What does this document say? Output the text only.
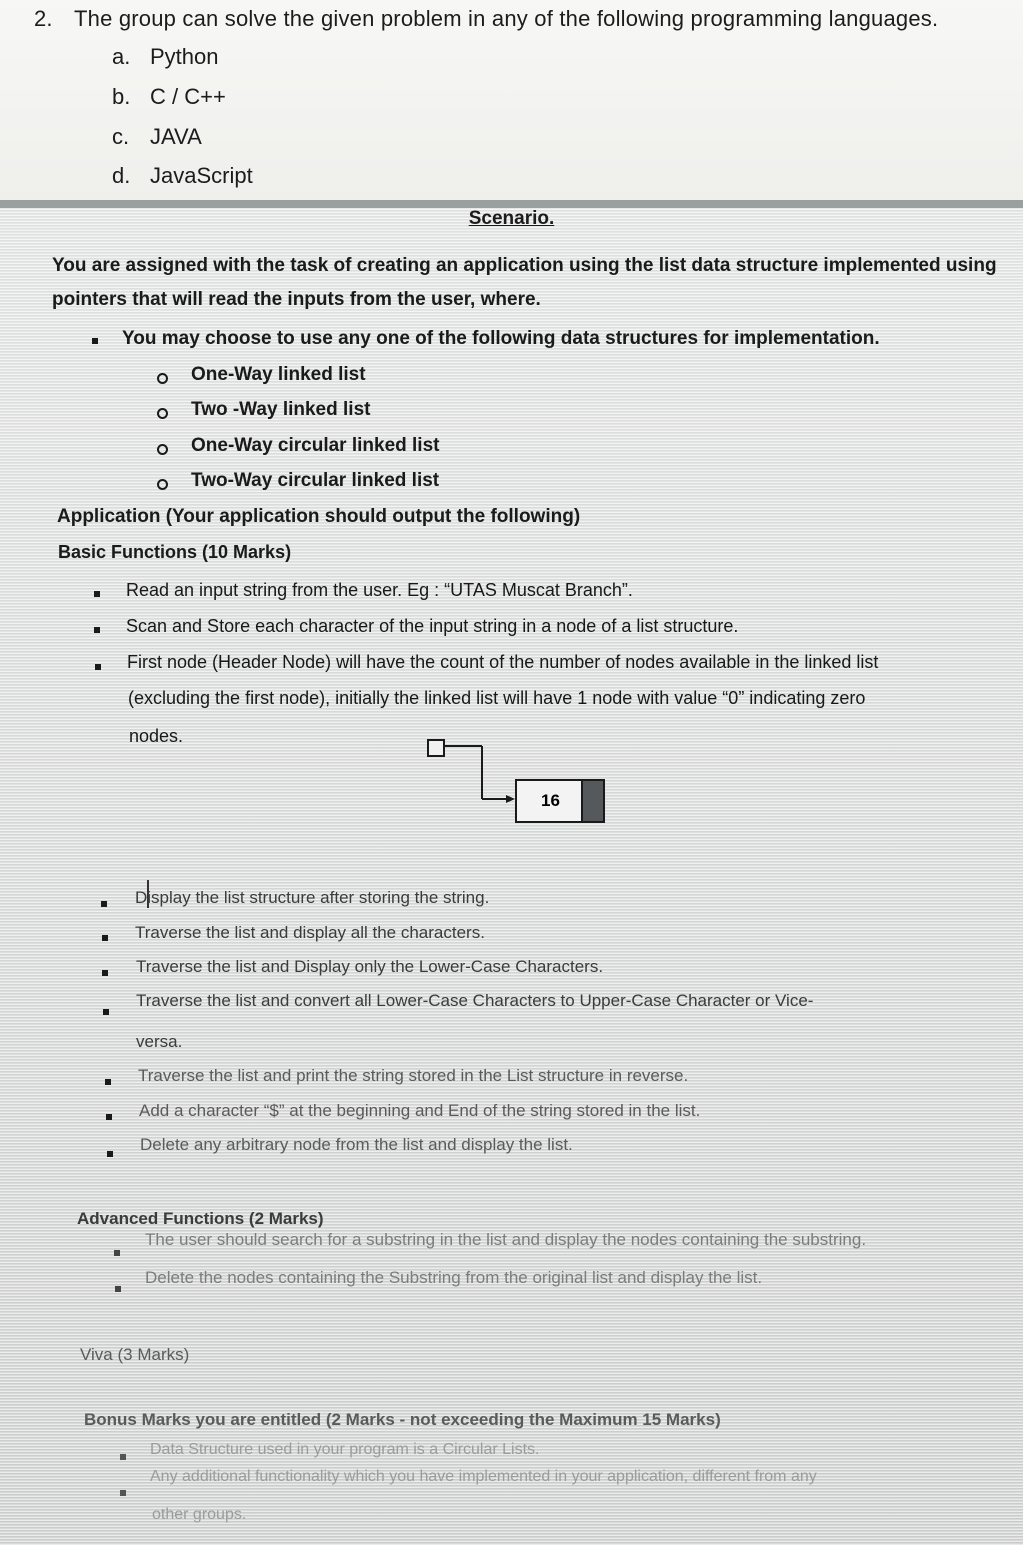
2. The group can solve the given problem in any of the following programming languages.
a. Python
b. C / C++
c. JAVA
d. JavaScript
Scenario.
You are assigned with the task of creating an application using the list data structure implemented using
pointers that will read the inputs from the user, where.
You may choose to use any one of the following data structures for implementation.
One-Way linked list
Two -Way linked list
One-Way circular linked list
Two-Way circular linked list
Application (Your application should output the following)
Basic Functions (10 Marks)
Read an input string from the user. Eg : “UTAS Muscat Branch”.
Scan and Store each character of the input string in a node of a list structure.
First node (Header Node) will have the count of the number of nodes available in the linked list
(excluding the first node), initially the linked list will have 1 node with value “0” indicating zero
nodes.
16
Display the list structure after storing the string.
Traverse the list and display all the characters.
Traverse the list and Display only the Lower-Case Characters.
Traverse the list and convert all Lower-Case Characters to Upper-Case Character or Vice-
versa.
Traverse the list and print the string stored in the List structure in reverse.
Add a character “$” at the beginning and End of the string stored in the list.
Delete any arbitrary node from the list and display the list.
Advanced Functions (2 Marks)
The user should search for a substring in the list and display the nodes containing the substring.
Delete the nodes containing the Substring from the original list and display the list.
Viva (3 Marks)
Bonus Marks you are entitled (2 Marks - not exceeding the Maximum 15 Marks)
Data Structure used in your program is a Circular Lists.
Any additional functionality which you have implemented in your application, different from any
other groups.
